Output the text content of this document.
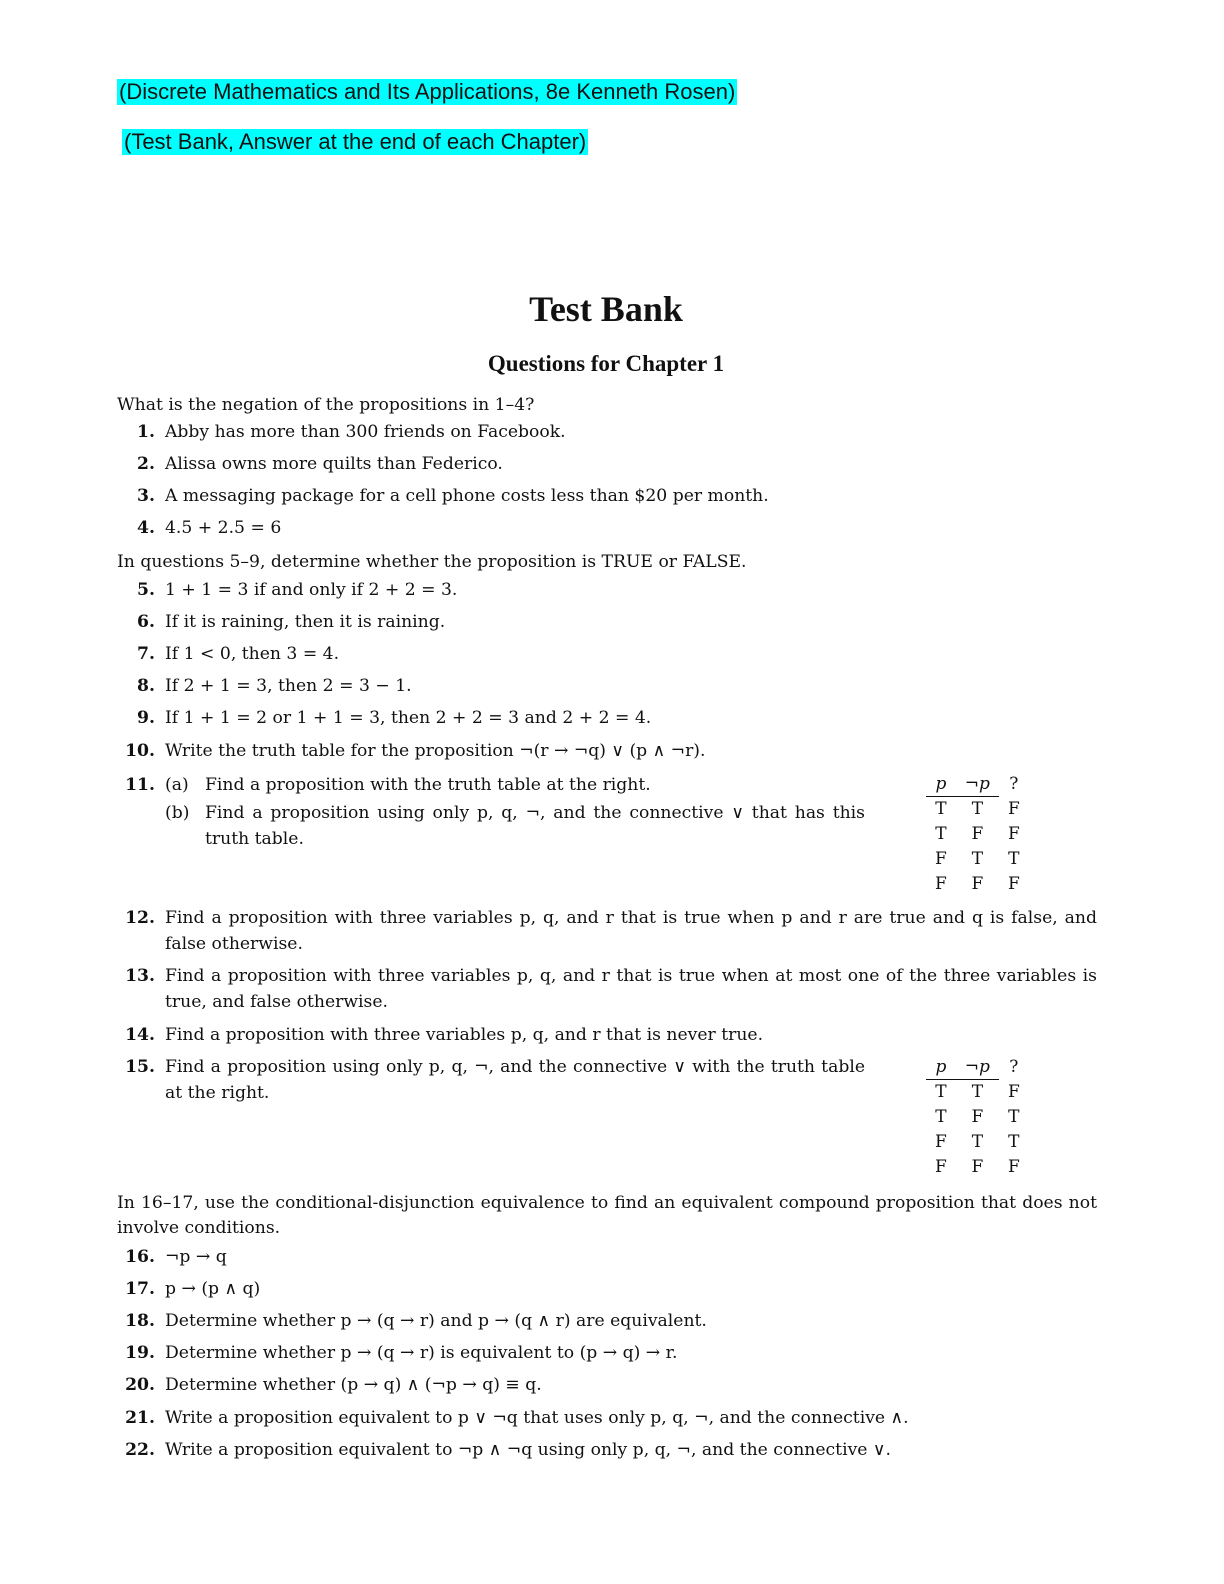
(Discrete Mathematics and Its Applications, 8e Kenneth Rosen)
(Test Bank, Answer at the end of each Chapter)
Test Bank
Questions for Chapter 1
What is the negation of the propositions in 1–4?
1. Abby has more than 300 friends on Facebook.
2. Alissa owns more quilts than Federico.
3. A messaging package for a cell phone costs less than $20 per month.
4. 4.5 + 2.5 = 6
In questions 5–9, determine whether the proposition is TRUE or FALSE.
5. 1 + 1 = 3 if and only if 2 + 2 = 3.
6. If it is raining, then it is raining.
7. If 1 < 0, then 3 = 4.
8. If 2 + 1 = 3, then 2 = 3 − 1.
9. If 1 + 1 = 2 or 1 + 1 = 3, then 2 + 2 = 3 and 2 + 2 = 4.
10. Write the truth table for the proposition ¬(r → ¬q) ∨ (p ∧ ¬r).
11. (a) Find a proposition with the truth table at the right.
(b) Find a proposition using only p, q, ¬, and the connective ∨ that has this truth table.
p	¬p	?
T	T	F
T	F	F
F	T	T
F	F	F
12. Find a proposition with three variables p, q, and r that is true when p and r are true and q is false, and false otherwise.
13. Find a proposition with three variables p, q, and r that is true when at most one of the three variables is true, and false otherwise.
14. Find a proposition with three variables p, q, and r that is never true.
15. Find a proposition using only p, q, ¬, and the connective ∨ with the truth table at the right.
p	¬p	?
T	T	F
T	F	T
F	T	T
F	F	F
In 16–17, use the conditional-disjunction equivalence to find an equivalent compound proposition that does not involve conditions.
16. ¬p → q
17. p → (p ∧ q)
18. Determine whether p → (q → r) and p → (q ∧ r) are equivalent.
19. Determine whether p → (q → r) is equivalent to (p → q) → r.
20. Determine whether (p → q) ∧ (¬p → q) ≡ q.
21. Write a proposition equivalent to p ∨ ¬q that uses only p, q, ¬, and the connective ∧.
22. Write a proposition equivalent to ¬p ∧ ¬q using only p, q, ¬, and the connective ∨.
